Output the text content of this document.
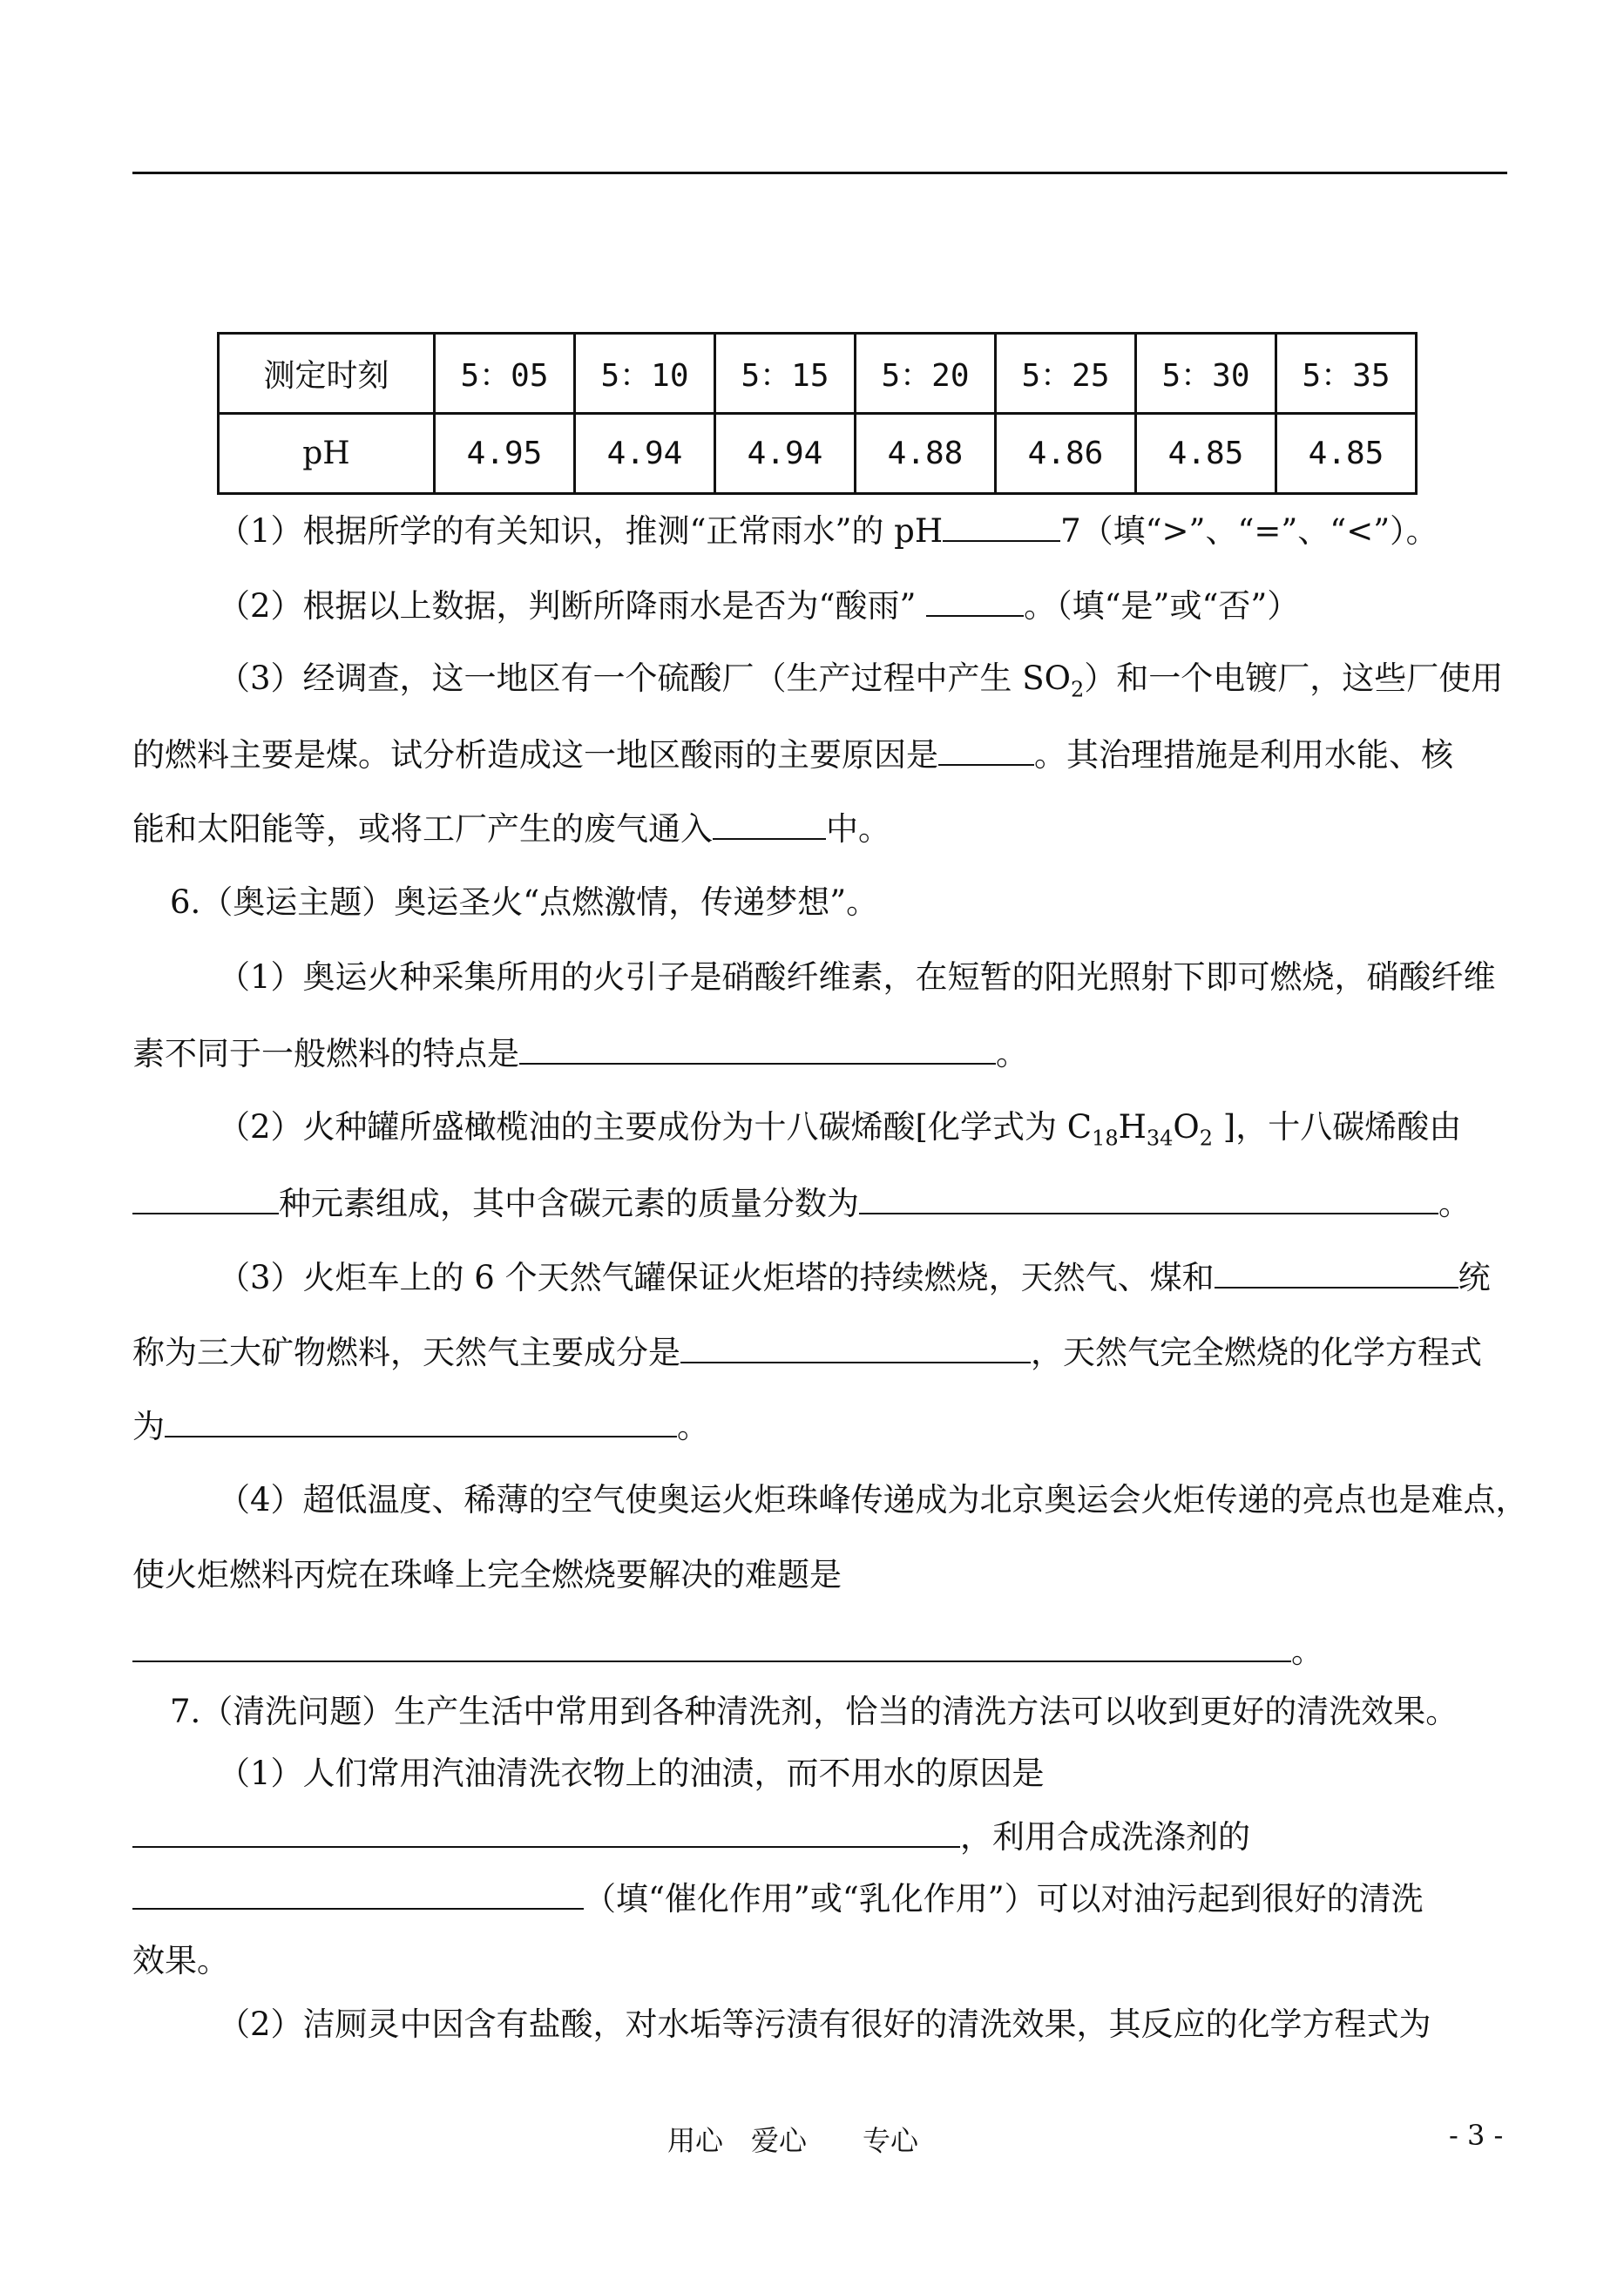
测定时刻	5：05	5：10	5：15	5：20	5：25	5：30	5：35
pH	4.95	4.94	4.94	4.88	4.86	4.85	4.85
（1）根据所学的有关知识，推测“正常雨水”的 pH	7（填“>”、“=”、“<”）。
（2）根据以上数据，判断所降雨水是否为“酸雨”	。（填“是”或“否”）
（3）经调查，这一地区有一个硫酸厂（生产过程中产生 $SO_2$）和一个电镀厂，这些厂使用
的燃料主要是煤。试分析造成这一地区酸雨的主要原因是	。其治理措施是利用水能、核
能和太阳能等，或将工厂产生的废气通入	中。
6.（奥运主题）奥运圣火“点燃激情，传递梦想”。
（1）奥运火种采集所用的火引子是硝酸纤维素，在短暂的阳光照射下即可燃烧，硝酸纤维
素不同于一般燃料的特点是	。
（2）火种罐所盛橄榄油的主要成份为十八碳烯酸[化学式为 $C_{18}H_{34}O_2$ ]，十八碳烯酸由
种元素组成，其中含碳元素的质量分数为	。
（3）火炬车上的 6 个天然气罐保证火炬塔的持续燃烧，天然气、煤和	统
称为三大矿物燃料，天然气主要成分是	，天然气完全燃烧的化学方程式
为	。
（4）超低温度、稀薄的空气使奥运火炬珠峰传递成为北京奥运会火炬传递的亮点也是难点，
使火炬燃料丙烷在珠峰上完全燃烧要解决的难题是
。
7.（清洗问题）生产生活中常用到各种清洗剂，恰当的清洗方法可以收到更好的清洗效果。
（1）人们常用汽油清洗衣物上的油渍，而不用水的原因是
，利用合成洗涤剂的
（填“催化作用”或“乳化作用”）可以对油污起到很好的清洗
效果。
（2）洁厕灵中因含有盐酸，对水垢等污渍有很好的清洗效果，其反应的化学方程式为
用心　爱心　　专心	- 3 -
